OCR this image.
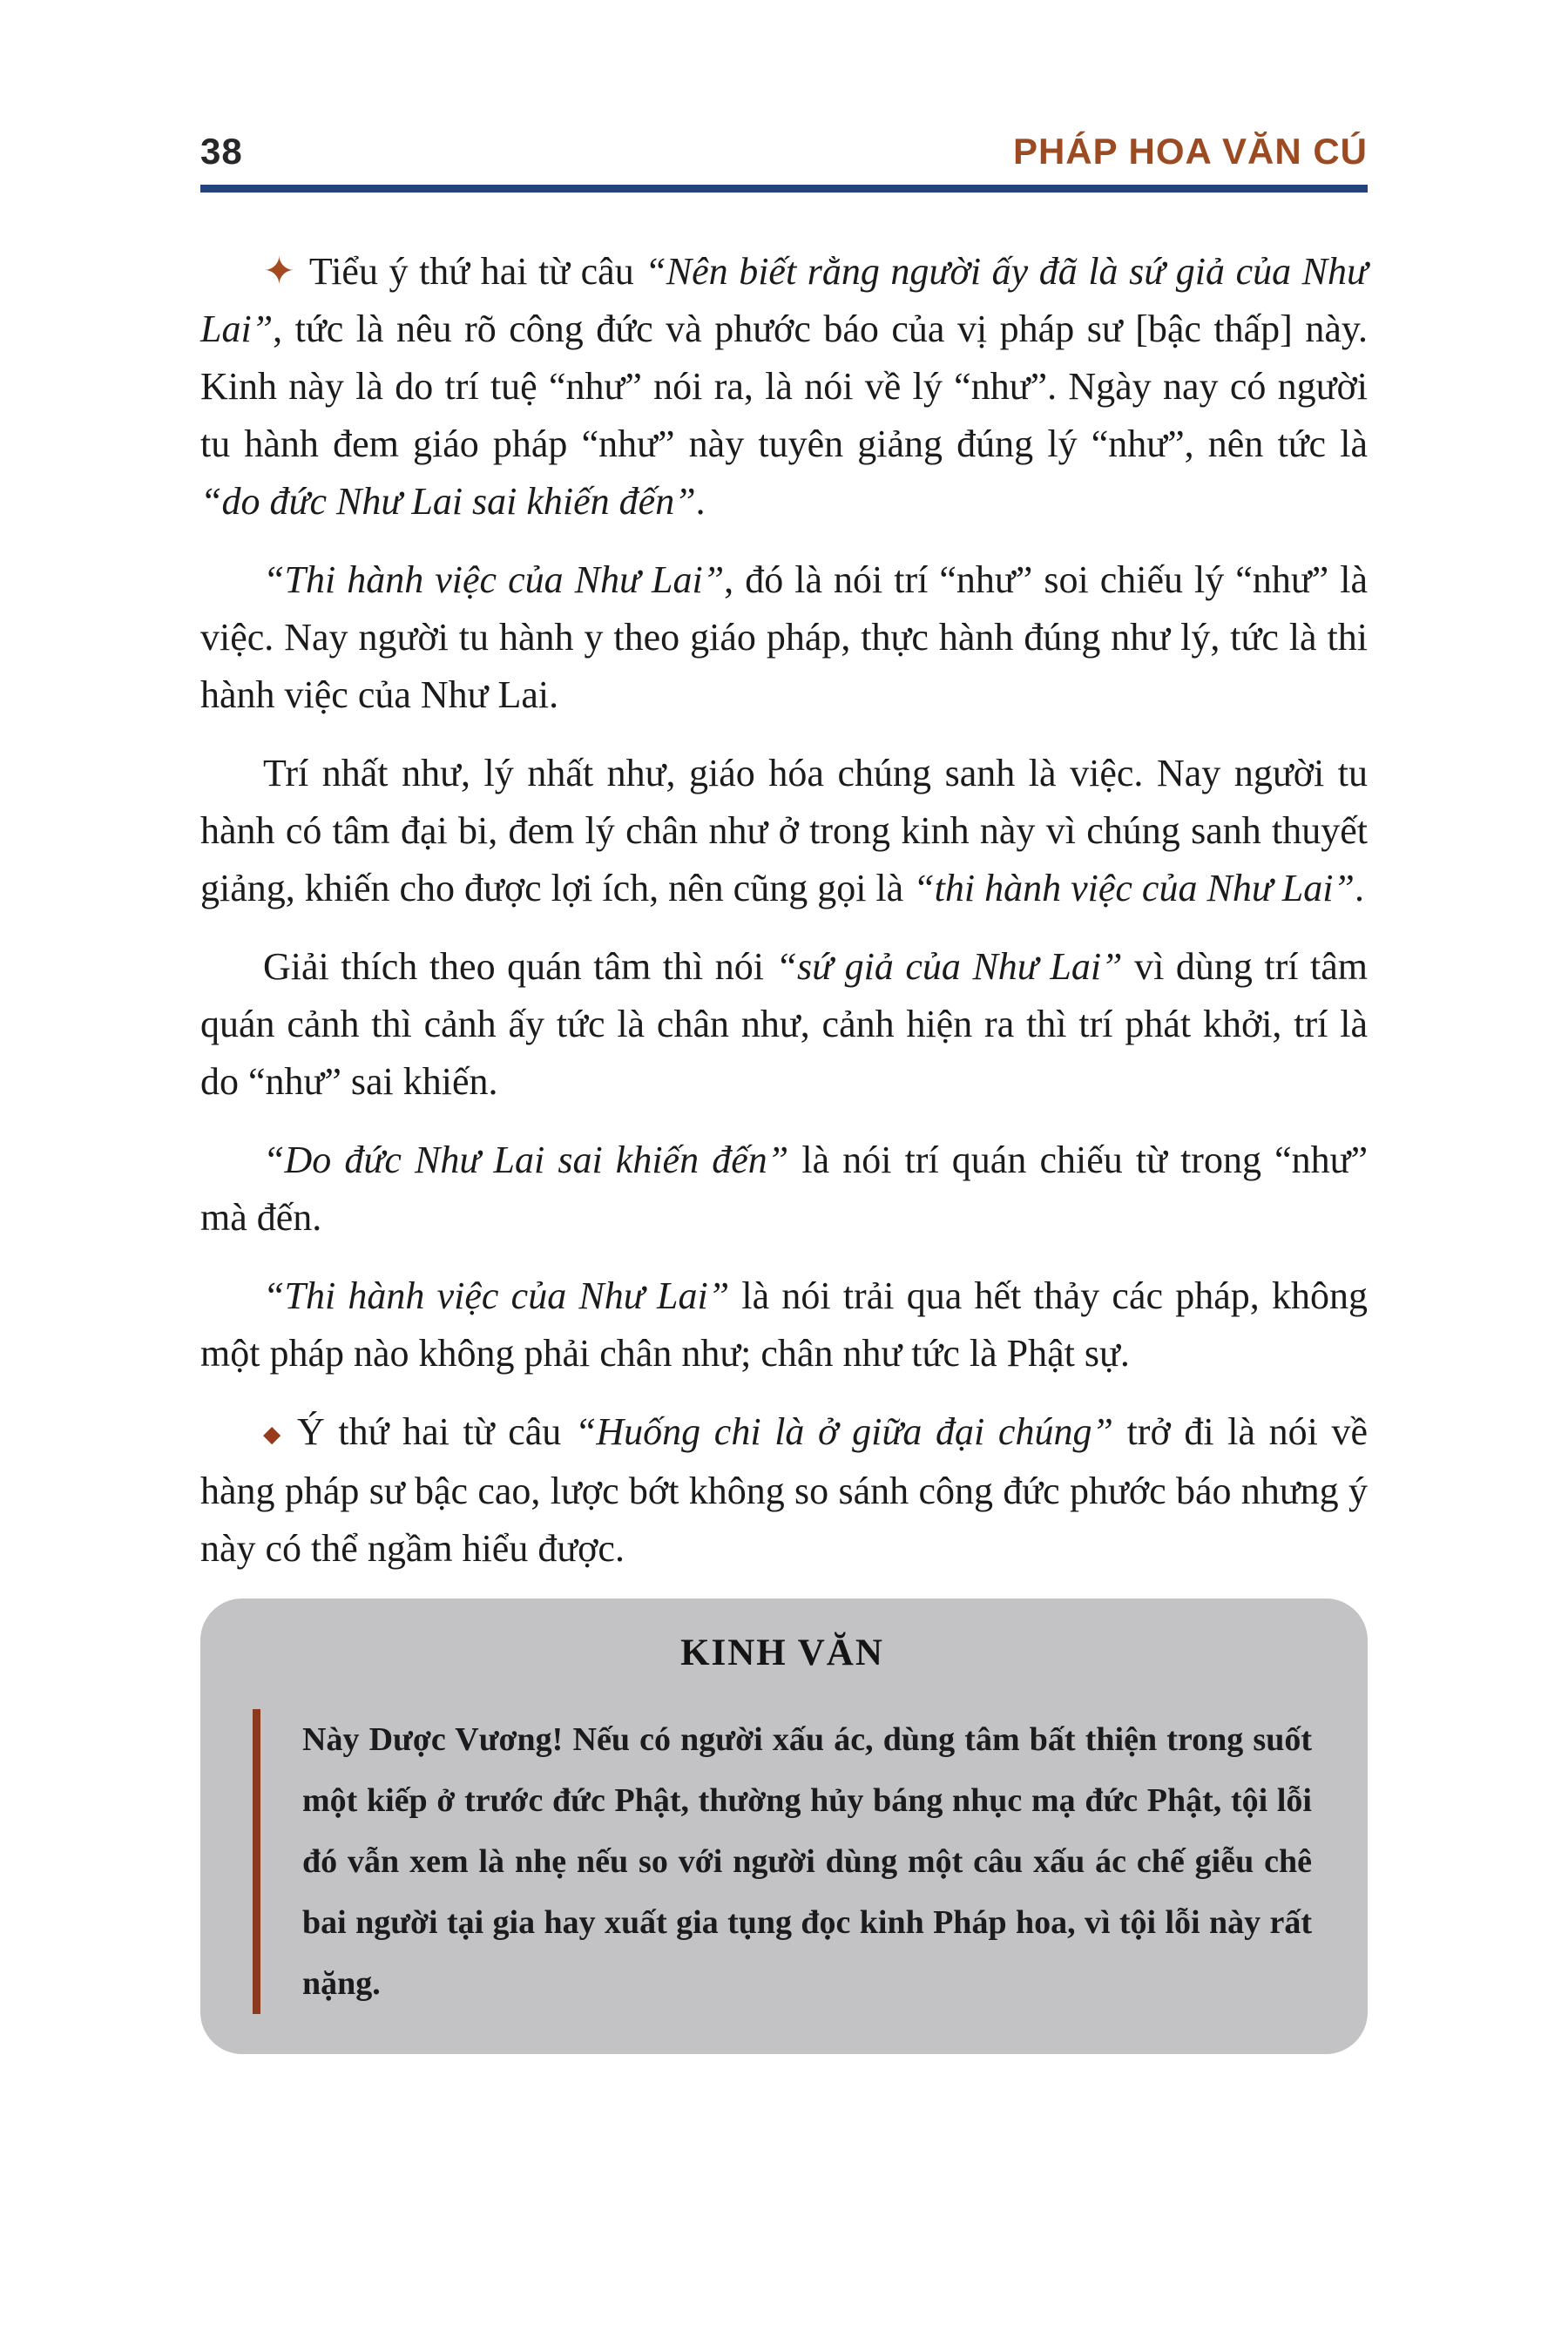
38	PHÁP HOA VĂN CÚ

✦ Tiểu ý thứ hai từ câu “Nên biết rằng người ấy đã là sứ giả của Như Lai”, tức là nêu rõ công đức và phước báo của vị pháp sư [bậc thấp] này. Kinh này là do trí tuệ “như” nói ra, là nói về lý “như”. Ngày nay có người tu hành đem giáo pháp “như” này tuyên giảng đúng lý “như”, nên tức là “do đức Như Lai sai khiến đến”.

“Thi hành việc của Như Lai”, đó là nói trí “như” soi chiếu lý “như” là việc. Nay người tu hành y theo giáo pháp, thực hành đúng như lý, tức là thi hành việc của Như Lai.

Trí nhất như, lý nhất như, giáo hóa chúng sanh là việc. Nay người tu hành có tâm đại bi, đem lý chân như ở trong kinh này vì chúng sanh thuyết giảng, khiến cho được lợi ích, nên cũng gọi là “thi hành việc của Như Lai”.

Giải thích theo quán tâm thì nói “sứ giả của Như Lai” vì dùng trí tâm quán cảnh thì cảnh ấy tức là chân như, cảnh hiện ra thì trí phát khởi, trí là do “như” sai khiến.

“Do đức Như Lai sai khiến đến” là nói trí quán chiếu từ trong “như” mà đến.

“Thi hành việc của Như Lai” là nói trải qua hết thảy các pháp, không một pháp nào không phải chân như; chân như tức là Phật sự.

◆ Ý thứ hai từ câu “Huống chi là ở giữa đại chúng” trở đi là nói về hàng pháp sư bậc cao, lược bớt không so sánh công đức phước báo nhưng ý này có thể ngầm hiểu được.

KINH VĂN

Này Dược Vương! Nếu có người xấu ác, dùng tâm bất thiện trong suốt một kiếp ở trước đức Phật, thường hủy báng nhục mạ đức Phật, tội lỗi đó vẫn xem là nhẹ nếu so với người dùng một câu xấu ác chế giễu chê bai người tại gia hay xuất gia tụng đọc kinh Pháp hoa, vì tội lỗi này rất nặng.
